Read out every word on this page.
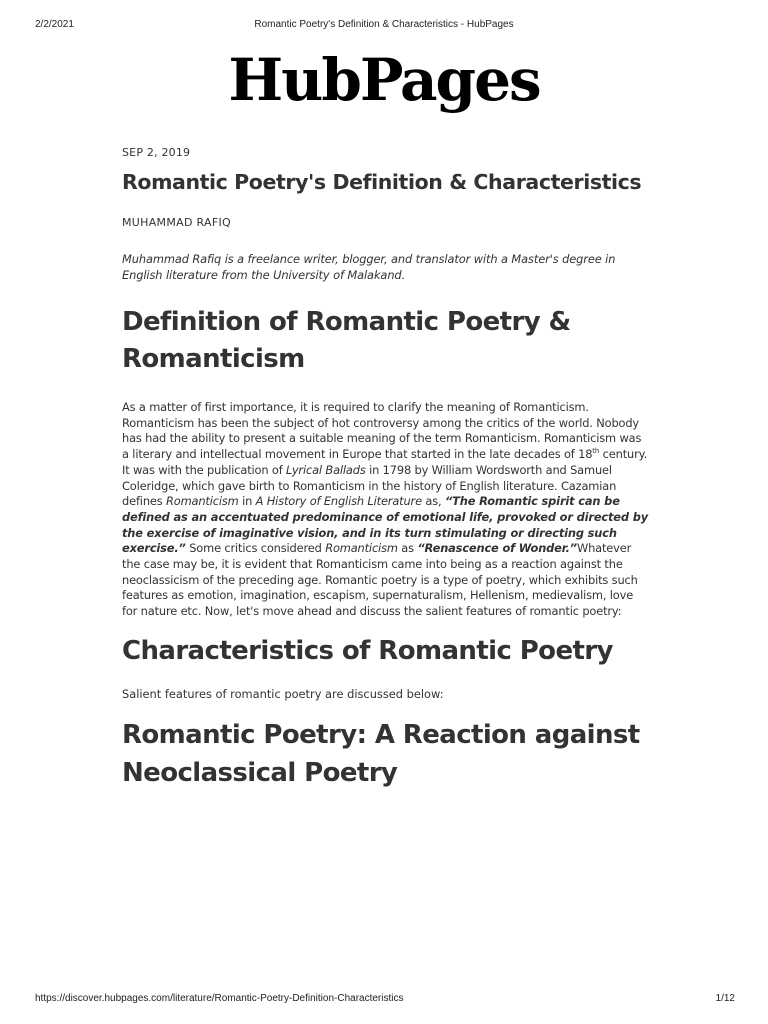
2/2/2021	Romantic Poetry's Definition & Characteristics - HubPages
HubPages
SEP 2, 2019
Romantic Poetry's Definition & Characteristics
MUHAMMAD RAFIQ
Muhammad Rafiq is a freelance writer, blogger, and translator with a Master's degree in English literature from the University of Malakand.
Definition of Romantic Poetry & Romanticism
As a matter of first importance, it is required to clarify the meaning of Romanticism. Romanticism has been the subject of hot controversy among the critics of the world. Nobody has had the ability to present a suitable meaning of the term Romanticism. Romanticism was a literary and intellectual movement in Europe that started in the late decades of 18th century. It was with the publication of Lyrical Ballads in 1798 by William Wordsworth and Samuel Coleridge, which gave birth to Romanticism in the history of English literature. Cazamian defines Romanticism in A History of English Literature as, “The Romantic spirit can be defined as an accentuated predominance of emotional life, provoked or directed by the exercise of imaginative vision, and in its turn stimulating or directing such exercise.” Some critics considered Romanticism as “Renascence of Wonder.”Whatever the case may be, it is evident that Romanticism came into being as a reaction against the neoclassicism of the preceding age. Romantic poetry is a type of poetry, which exhibits such features as emotion, imagination, escapism, supernaturalism, Hellenism, medievalism, love for nature etc. Now, let's move ahead and discuss the salient features of romantic poetry:
Characteristics of Romantic Poetry
Salient features of romantic poetry are discussed below:
Romantic Poetry: A Reaction against Neoclassical Poetry
https://discover.hubpages.com/literature/Romantic-Poetry-Definition-Characteristics	1/12
